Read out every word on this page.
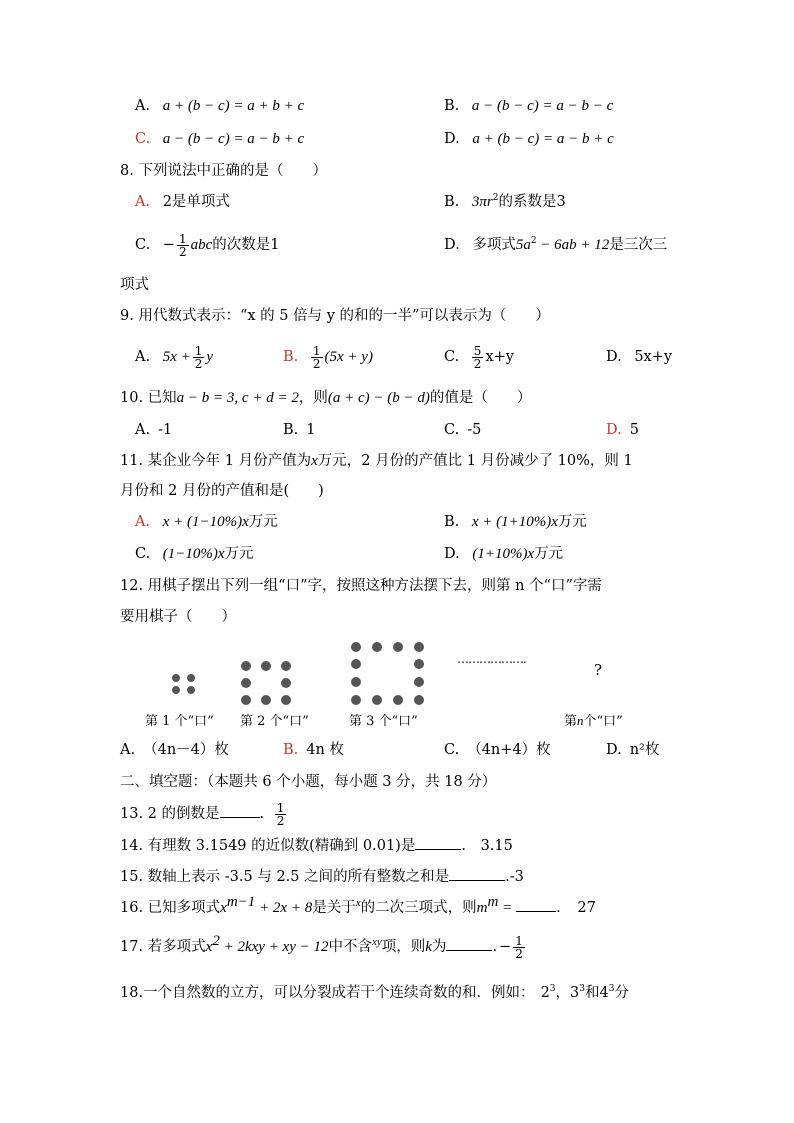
A. a + (b − c) = a + b + c	B. a − (b − c) = a − b − c
C. a − (b − c) = a − b + c	D. a + (b − c) = a − b + c
8. 下列说法中正确的是（　　）
A. 2是单项式	B. $3\pi r^2$的系数是3
C. − $\frac{1}{2}$ abc的次数是1	D. 多项式$5a^2 - 6ab + 12$是三次三
项式
9. 用代数式表示：“x 的 5 倍与 y 的和的一半”可以表示为（　　）
A. $5x + \frac{1}{2}$ y	B. $\frac{1}{2} (5x + y)$	C. $\frac{5}{2} x+y$	D. 5x+y
10. 已知a − b = 3, c + d = 2，则(a + c) − (b − d)的值是（　　）
A. -1	B. 1	C. -5	D. 5
11. 某企业今年 1 月份产值为x万元，2 月份的产值比 1 月份减少了 10%，则 1
月份和 2 月份的产值和是(　　)
A. x + (1−10%)x万元	B. x + (1+10%)x万元
C. (1−10%)x万元	D. (1+10%)x万元
12. 用棋子摆出下列一组“口”字，按照这种方法摆下去，则第 n 个“口”字需
要用棋子（　　）
……………….
?
第 1 个“口” 第 2 个“口”	第 3 个“口”	第n个“口”
A. （4n－4）枚	B. 4n 枚	C. （4n+4）枚	D. n²枚
二、填空题：（本题共 6 个小题，每小题 3 分，共 18 分）
13. 2 的倒数是	. $\frac{1}{2}$
14. 有理数 3.1549 的近似数(精确到 0.01)是	. 3.15
15. 数轴上表示 -3.5 与 2.5 之间的所有整数之和是	.-3
16. 已知多项式$x^{m-1} + 2x + 8$是关于$^x$的二次三项式，则$m^m$ =	. 27
17. 若多项式$x^2 + 2kxy$ + xy − 12中不含$^{xy}$项，则k为	. − $\frac{1}{2}$
18.一个自然数的立方，可以分裂成若干个连续奇数的和．例如： $2^3$，$3^3$和$4^3$分
